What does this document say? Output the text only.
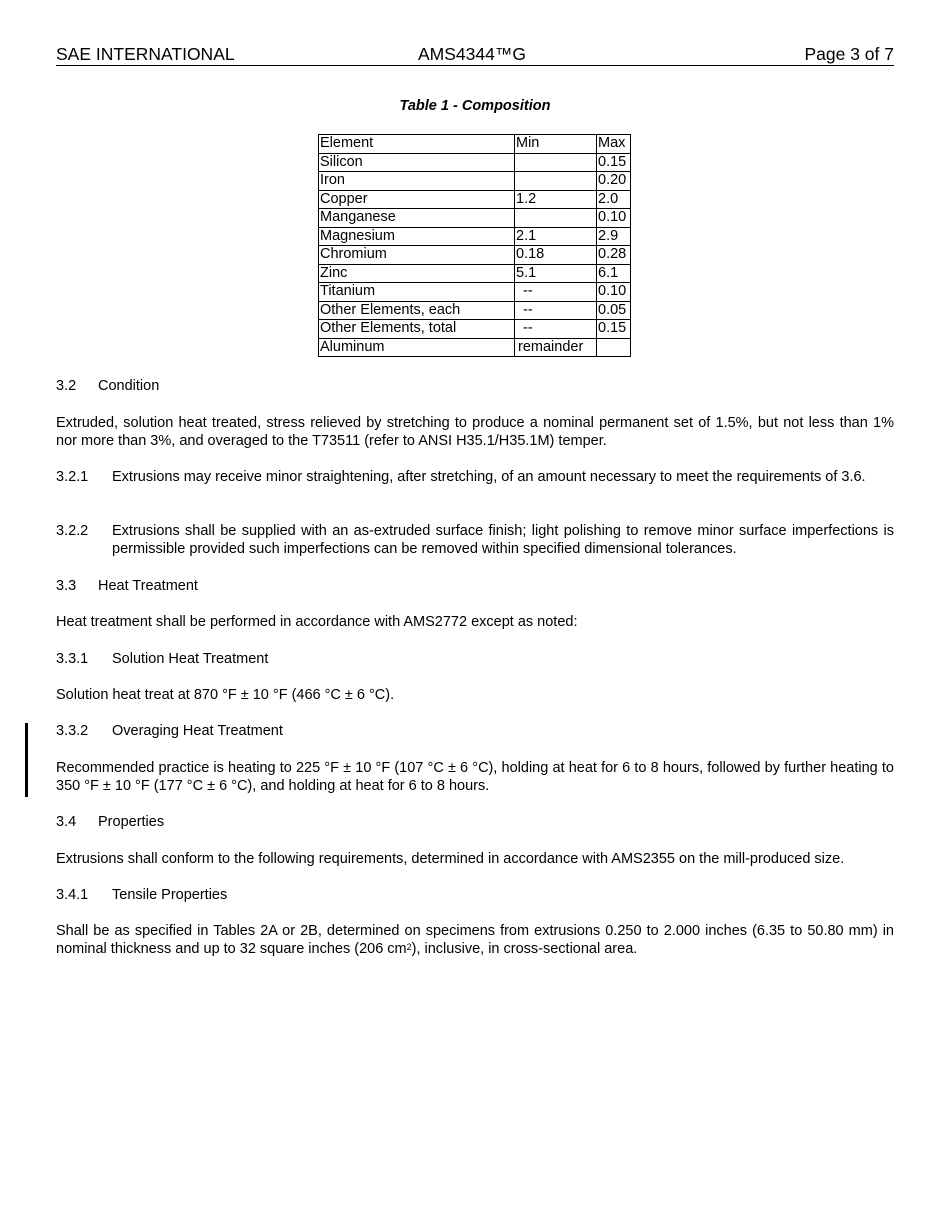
SAE INTERNATIONAL	AMS4344™G	Page 3 of 7
Table 1 - Composition
Element	Min	Max
Silicon		0.15
Iron		0.20
Copper	1.2	2.0
Manganese		0.10
Magnesium	2.1	2.9
Chromium	0.18	0.28
Zinc	5.1	6.1
Titanium	--	0.10
Other Elements, each	--	0.05
Other Elements, total	--	0.15
Aluminum	remainder	
3.2 Condition
Extruded, solution heat treated, stress relieved by stretching to produce a nominal permanent set of 1.5%, but not less than 1% nor more than 3%, and overaged to the T73511 (refer to ANSI H35.1/H35.1M) temper.
3.2.1 Extrusions may receive minor straightening, after stretching, of an amount necessary to meet the requirements of 3.6.
3.2.2 Extrusions shall be supplied with an as-extruded surface finish; light polishing to remove minor surface imperfections is permissible provided such imperfections can be removed within specified dimensional tolerances.
3.3 Heat Treatment
Heat treatment shall be performed in accordance with AMS2772 except as noted:
3.3.1 Solution Heat Treatment
Solution heat treat at 870 °F ± 10 °F (466 °C ± 6 °C).
3.3.2 Overaging Heat Treatment
Recommended practice is heating to 225 °F ± 10 °F (107 °C ± 6 °C), holding at heat for 6 to 8 hours, followed by further heating to 350 °F ± 10 °F (177 °C ± 6 °C), and holding at heat for 6 to 8 hours.
3.4 Properties
Extrusions shall conform to the following requirements, determined in accordance with AMS2355 on the mill-produced size.
3.4.1 Tensile Properties
Shall be as specified in Tables 2A or 2B, determined on specimens from extrusions 0.250 to 2.000 inches (6.35 to 50.80 mm) in nominal thickness and up to 32 square inches (206 $cm^2$), inclusive, in cross-sectional area.
